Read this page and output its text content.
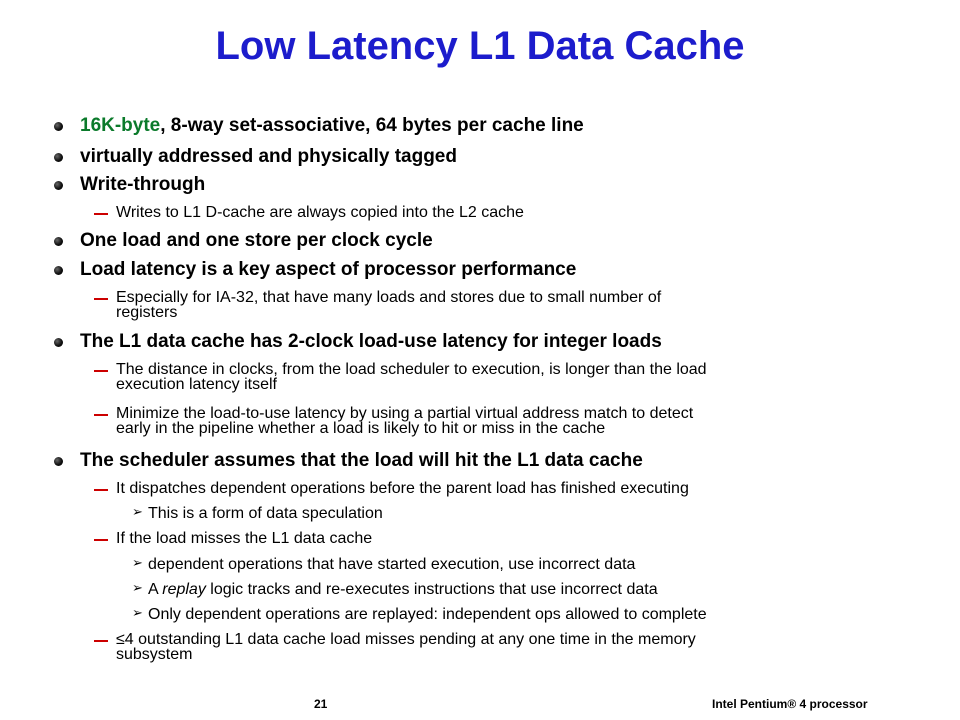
Low Latency L1 Data Cache
16K-byte, 8-way set-associative, 64 bytes per cache line
virtually addressed and physically tagged
Write-through
Writes to L1 D-cache are always copied into the L2 cache
One load and one store per clock cycle
Load latency is a key aspect of processor performance
Especially for IA-32, that have many loads and stores due to small number of
registers
The L1 data cache has 2-clock load-use latency for integer loads
The distance in clocks, from the load scheduler to execution, is longer than the load
execution latency itself
Minimize the load-to-use latency by using a partial virtual address match to detect
early in the pipeline whether a load is likely to hit or miss in the cache
The scheduler assumes that the load will hit the L1 data cache
It dispatches dependent operations before the parent load has finished executing
➢ This is a form of data speculation
If the load misses the L1 data cache
➢ dependent operations that have started execution, use incorrect data
➢ A replay logic tracks and re-executes instructions that use incorrect data
➢ Only dependent operations are replayed: independent ops allowed to complete
≤4 outstanding L1 data cache load misses pending at any one time in the memory
subsystem
21	Intel Pentium® 4 processor
